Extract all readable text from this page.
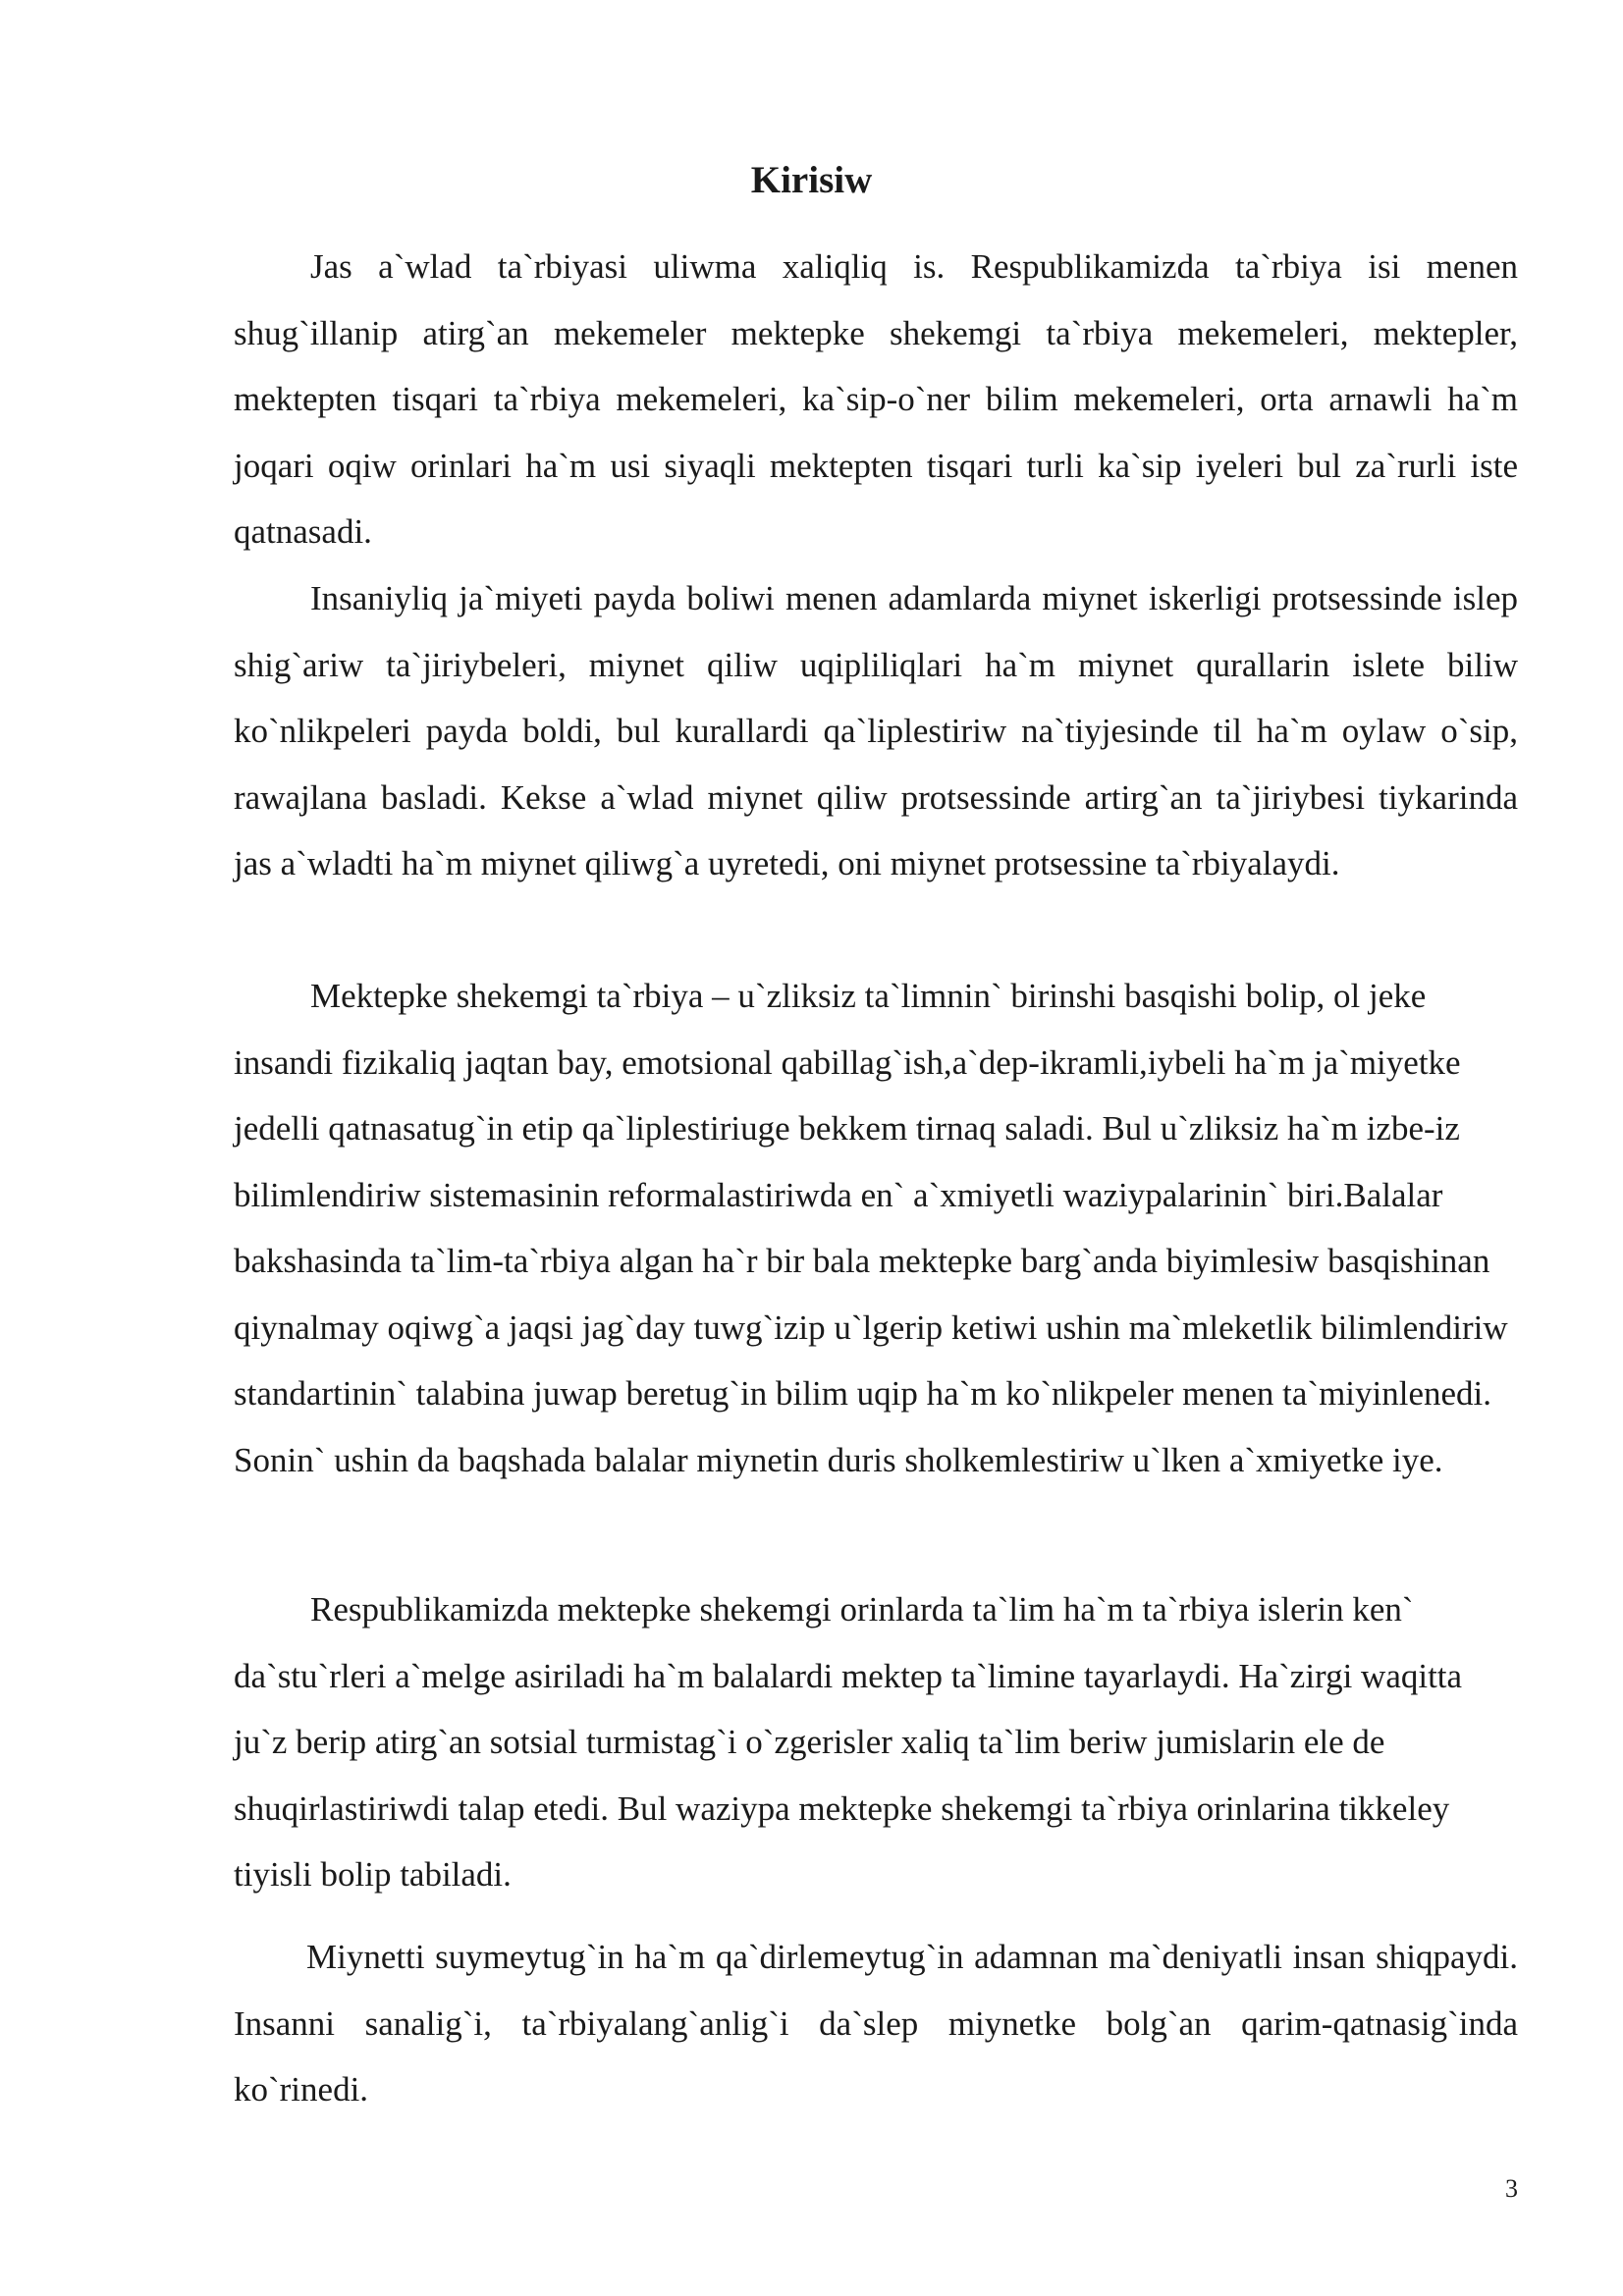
Kirisiw

Jas a`wlad ta`rbiyasi uliwma xaliqliq is. Respublikamizda ta`rbiya isi menen shug`illanip atirg`an mekemeler mektepke shekemgi ta`rbiya mekemeleri, mektepler, mektepten tisqari ta`rbiya mekemeleri, ka`sip-o`ner bilim mekemeleri, orta arnawli ha`m joqari oqiw orinlari ha`m usi siyaqli mektepten tisqari turli ka`sip iyeleri bul za`rurli iste qatnasadi.

Insaniyliq ja`miyeti payda boliwi menen adamlarda miynet iskerligi protsessinde islep shig`ariw ta`jiriybeleri, miynet qiliw uqipliliqlari ha`m miynet qurallarin islete biliw ko`nlikpeleri payda boldi, bul kurallardi qa`liplestiriw na`tiyjesinde til ha`m oylaw o`sip, rawajlana basladi. Kekse a`wlad miynet qiliw protsessinde artirg`an ta`jiriybesi tiykarinda jas a`wladti ha`m miynet qiliwg`a uyretedi, oni miynet protsessine ta`rbiyalaydi.

Mektepke shekemgi ta`rbiya – u`zliksiz ta`limnin` birinshi basqishi bolip, ol jeke insandi fizikaliq jaqtan bay, emotsional qabillag`ish,a`dep-ikramli,iybeli ha`m ja`miyetke jedelli qatnasatug`in etip qa`liplestiriuge bekkem tirnaq saladi. Bul u`zliksiz ha`m izbe-iz bilimlendiriw sistemasinin reformalastiriwda en` a`xmiyetli waziypalarinin` biri.Balalar bakshasinda ta`lim-ta`rbiya algan ha`r bir bala mektepke barg`anda biyimlesiw basqishinan qiynalmay oqiwg`a jaqsi jag`day tuwg`izip u`lgerip ketiwi ushin ma`mleketlik bilimlendiriw standartinin` talabina juwap beretug`in bilim uqip ha`m ko`nlikpeler menen ta`miyinlenedi. Sonin` ushin da baqshada balalar miynetin duris sholkemlestiriw u`lken a`xmiyetke iye.

Respublikamizda mektepke shekemgi orinlarda ta`lim ha`m ta`rbiya islerin ken` da`stu`rleri a`melge asiriladi ha`m balalardi mektep ta`limine tayarlaydi. Ha`zirgi waqitta ju`z berip atirg`an sotsial turmistag`i o`zgerisler xaliq ta`lim beriw jumislarin ele de shuqirlastiriwdi talap etedi. Bul waziypa mektepke shekemgi ta`rbiya orinlarina tikkeley tiyisli bolip tabiladi.

Miynetti suymeytug`in ha`m qa`dirlemeytug`in adamnan ma`deniyatli insan shiqpaydi. Insanni sanalig`i, ta`rbiyalang`anlig`i da`slep miynetke bolg`an qarim-qatnasig`inda ko`rinedi.

3
